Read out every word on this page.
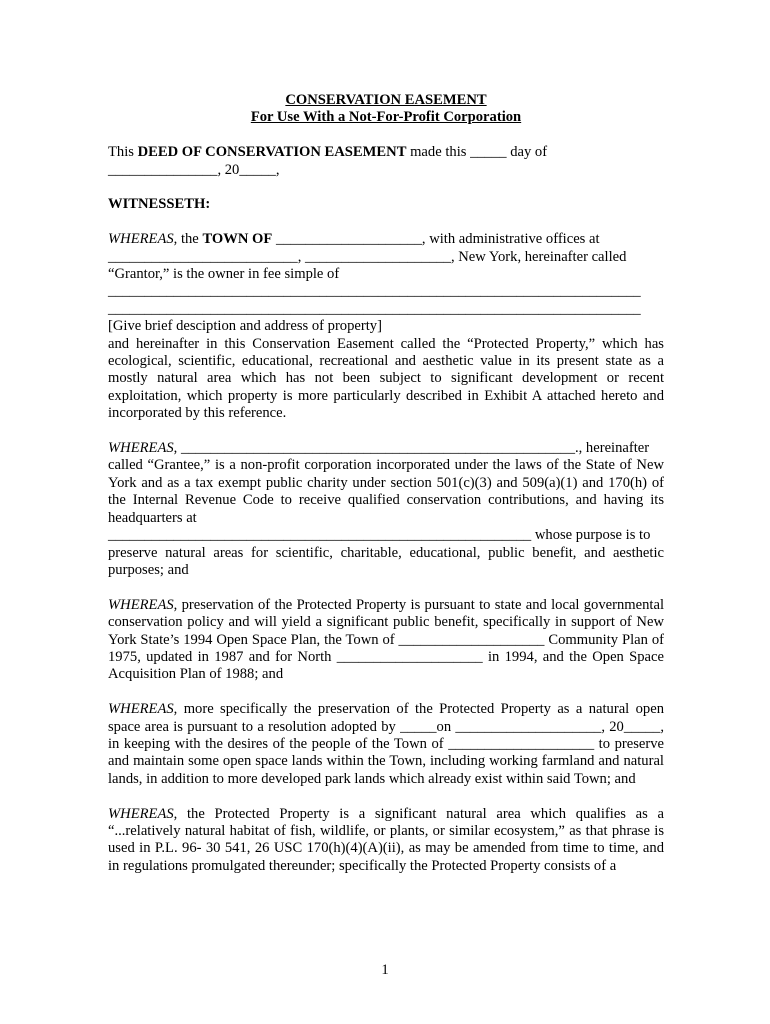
CONSERVATION EASEMENT

For Use With a Not-For-Profit Corporation

This DEED OF CONSERVATION EASEMENT made this _____ day of
_______________, 20_____,

WITNESSETH:

WHEREAS, the TOWN OF ____________________, with administrative offices at
__________________________, ____________________, New York, hereinafter called
“Grantor,” is the owner in fee simple of
_________________________________________________________________________
_________________________________________________________________________
[Give brief desciption and address of property]
and hereinafter in this Conservation Easement called the “Protected Property,” which has ecological, scientific, educational, recreational and aesthetic value in its present state as a mostly natural area which has not been subject to significant development or recent exploitation, which property is more particularly described in Exhibit A attached hereto and incorporated by this reference.
WHEREAS, ______________________________________________________., hereinafter
called “Grantee,” is a non-profit corporation incorporated under the laws of the State of New York and as a tax exempt public charity under section 501(c)(3) and 509(a)(1) and 170(h) of the Internal Revenue Code to receive qualified conservation contributions, and having its headquarters at
__________________________________________________________ whose purpose is to
preserve natural areas for scientific, charitable, educational, public benefit, and aesthetic purposes; and

WHEREAS, preservation of the Protected Property is pursuant to state and local governmental conservation policy and will yield a significant public benefit, specifically in support of New York State’s 1994 Open Space Plan, the Town of ____________________ Community Plan of 1975, updated in 1987 and for North ____________________ in 1994, and the Open Space Acquisition Plan of 1988; and

WHEREAS, more specifically the preservation of the Protected Property as a natural open space area is pursuant to a resolution adopted by _____on ____________________, 20_____, in keeping with the desires of the people of the Town of ____________________ to preserve and maintain some open space lands within the Town, including working farmland and natural lands, in addition to more developed park lands which already exist within said Town; and

WHEREAS, the Protected Property is a significant natural area which qualifies as a “...relatively natural habitat of fish, wildlife, or plants, or similar ecosystem,” as that phrase is used in P.L. 96- 30 541, 26 USC 170(h)(4)(A)(ii), as may be amended from time to time, and in regulations promulgated thereunder; specifically the Protected Property consists of a

1
